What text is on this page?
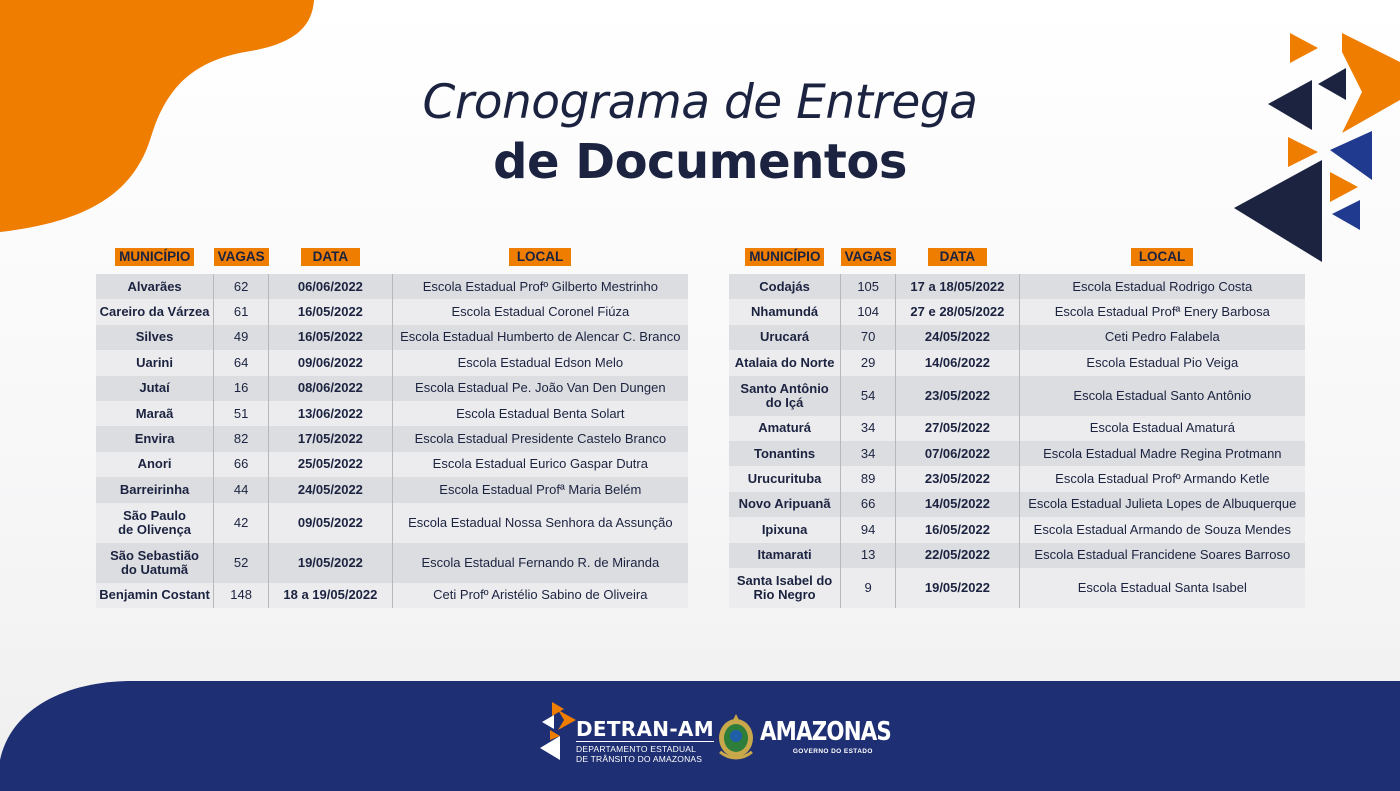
Cronograma de Entrega
de Documentos
MUNICÍPIO	VAGAS	DATA	LOCAL
Alvarães	62	06/06/2022	Escola Estadual Profº Gilberto Mestrinho
Careiro da Várzea	61	16/05/2022	Escola Estadual Coronel Fiúza
Silves	49	16/05/2022	Escola Estadual Humberto de Alencar C. Branco
Uarini	64	09/06/2022	Escola Estadual Edson Melo
Jutaí	16	08/06/2022	Escola Estadual Pe. João Van Den Dungen
Maraã	51	13/06/2022	Escola Estadual Benta Solart
Envira	82	17/05/2022	Escola Estadual Presidente Castelo Branco
Anori	66	25/05/2022	Escola Estadual Eurico Gaspar Dutra
Barreirinha	44	24/05/2022	Escola Estadual Profª Maria Belém
São Paulo
de Olivença	42	09/05/2022	Escola Estadual Nossa Senhora da Assunção
São Sebastião
do Uatumã	52	19/05/2022	Escola Estadual Fernando R. de Miranda
Benjamin Costant	148	18 a 19/05/2022	Ceti Profº Aristélio Sabino de Oliveira
MUNICÍPIO	VAGAS	DATA	LOCAL
Codajás	105	17 a 18/05/2022	Escola Estadual Rodrigo Costa
Nhamundá	104	27 e 28/05/2022	Escola Estadual Profª Enery Barbosa
Urucará	70	24/05/2022	Ceti Pedro Falabela
Atalaia do Norte	29	14/06/2022	Escola Estadual Pio Veiga
Santo Antônio
do Içá	54	23/05/2022	Escola Estadual Santo Antônio
Amaturá	34	27/05/2022	Escola Estadual Amaturá
Tonantins	34	07/06/2022	Escola Estadual Madre Regina Protmann
Urucurituba	89	23/05/2022	Escola Estadual Profº Armando Ketle
Novo Aripuanã	66	14/05/2022	Escola Estadual Julieta Lopes de Albuquerque
Ipixuna	94	16/05/2022	Escola Estadual Armando de Souza Mendes
Itamarati	13	22/05/2022	Escola Estadual Francidene Soares Barroso
Santa Isabel do
Rio Negro	9	19/05/2022	Escola Estadual Santa Isabel
DETRAN-AM
DEPARTAMENTO ESTADUAL
DE TRÂNSITO DO AMAZONAS
AMAZONAS
GOVERNO DO ESTADO
